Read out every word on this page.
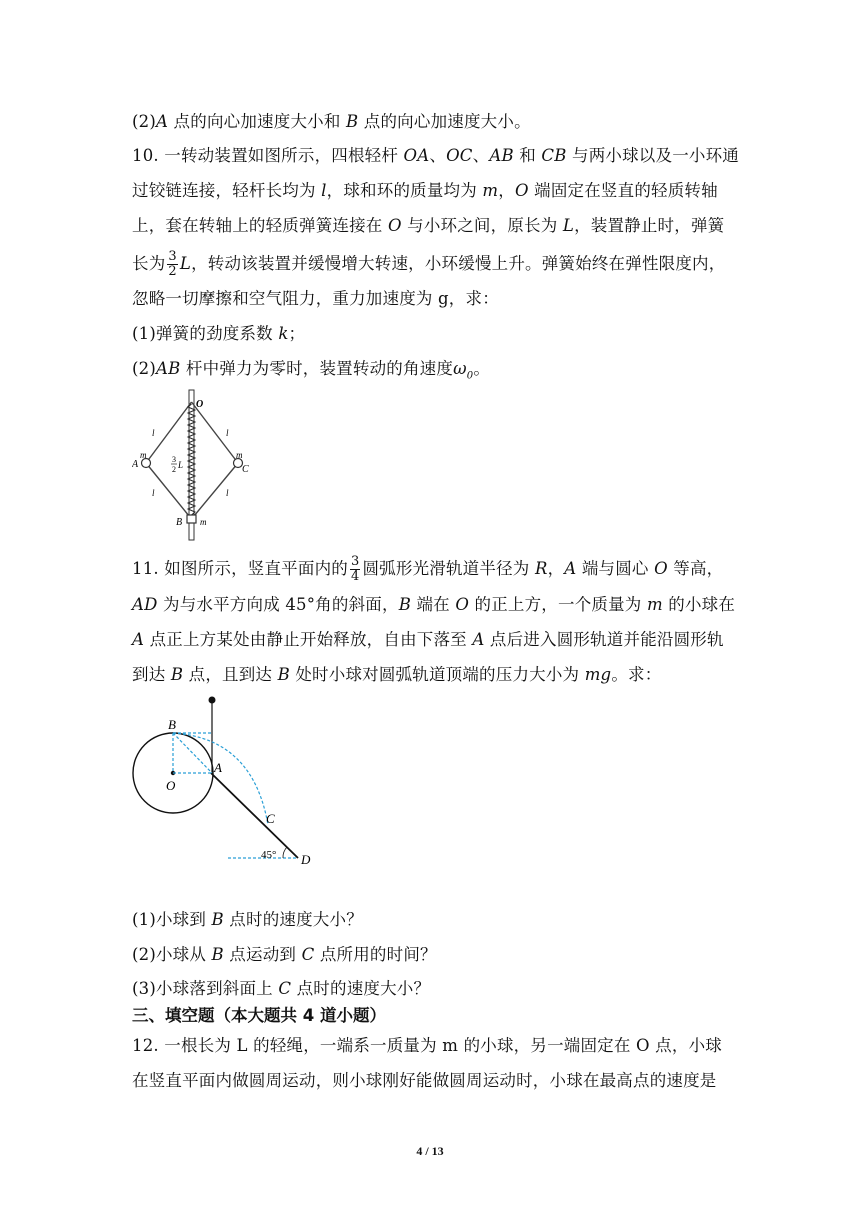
(2)A 点的向心加速度大小和 B 点的向心加速度大小。
10. 一转动装置如图所示，四根轻杆 OA、OC、AB 和 CB 与两小球以及一小环通
过铰链连接，轻杆长均为 l，球和环的质量均为 m，O 端固定在竖直的轻质转轴
上，套在转轴上的轻质弹簧连接在 O 与小环之间，原长为 L，装置静止时，弹簧
长为 $\frac{3}{2}$ L，转动该装置并缓慢增大转速，小环缓慢上升。弹簧始终在弹性限度内，
忽略一切摩擦和空气阻力，重力加速度为 g，求：
(1)弹簧的劲度系数 k；
(2)AB 杆中弹力为零时，装置转动的角速度$\omega_0$。
O
A	C
B
m	m
m
l	l
l	l
3
2 L
11. 如图所示，竖直平面内的 $\frac{3}{4}$ 圆弧形光滑轨道半径为 R，A 端与圆心 O 等高，
AD 为与水平方向成 45°角的斜面，B 端在 O 的正上方，一个质量为 m 的小球在
A 点正上方某处由静止开始释放，自由下落至 A 点后进入圆形轨道并能沿圆形轨
到达 B 点，且到达 B 处时小球对圆弧轨道顶端的压力大小为 mg。求：
B
A
O
C
D
45°
(1)小球到 B 点时的速度大小？
(2)小球从 B 点运动到 C 点所用的时间？
(3)小球落到斜面上 C 点时的速度大小？
三、填空题（本大题共 4 道小题）
12. 一根长为 L 的轻绳，一端系一质量为 m 的小球，另一端固定在 O 点，小球
在竖直平面内做圆周运动，则小球刚好能做圆周运动时，小球在最高点的速度是
4 / 13
